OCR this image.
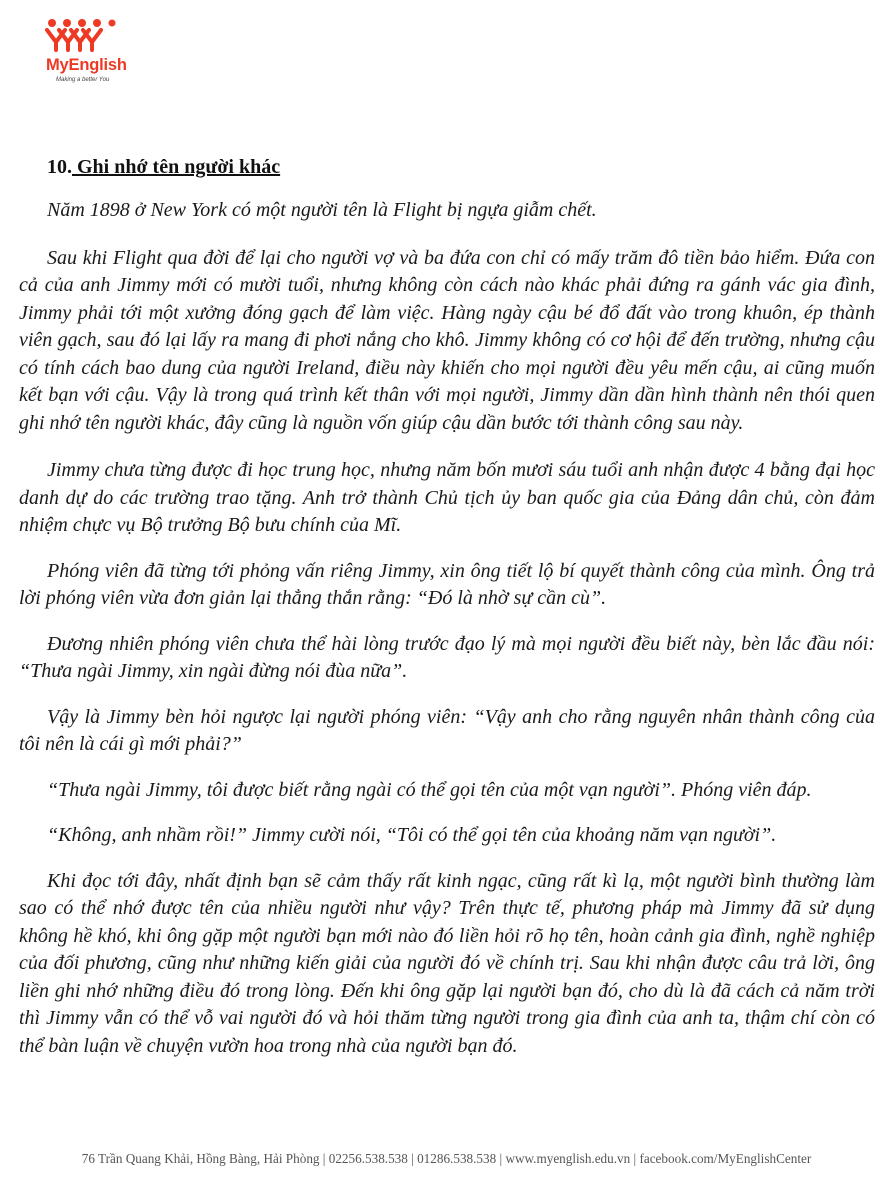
MyEnglish
Making a better You
10. Ghi nhớ tên người khác

Năm 1898 ở New York có một người tên là Flight bị ngựa giẫm chết.

Sau khi Flight qua đời để lại cho người vợ và ba đứa con chỉ có mấy trăm đô tiền bảo hiểm. Đứa con cả của anh Jimmy mới có mười tuổi, nhưng không còn cách nào khác phải đứng ra gánh vác gia đình, Jimmy phải tới một xưởng đóng gạch để làm việc. Hàng ngày cậu bé đổ đất vào trong khuôn, ép thành viên gạch, sau đó lại lấy ra mang đi phơi nắng cho khô. Jimmy không có cơ hội để đến trường, nhưng cậu có tính cách bao dung của người Ireland, điều này khiến cho mọi người đều yêu mến cậu, ai cũng muốn kết bạn với cậu. Vậy là trong quá trình kết thân với mọi người, Jimmy dần dần hình thành nên thói quen ghi nhớ tên người khác, đây cũng là nguồn vốn giúp cậu dần bước tới thành công sau này.

Jimmy chưa từng được đi học trung học, nhưng năm bốn mươi sáu tuổi anh nhận được 4 bằng đại học danh dự do các trường trao tặng. Anh trở thành Chủ tịch ủy ban quốc gia của Đảng dân chủ, còn đảm nhiệm chực vụ Bộ trưởng Bộ bưu chính của Mĩ.

Phóng viên đã từng tới phỏng vấn riêng Jimmy, xin ông tiết lộ bí quyết thành công của mình. Ông trả lời phóng viên vừa đơn giản lại thẳng thắn rằng: “Đó là nhờ sự cần cù”.

Đương nhiên phóng viên chưa thể hài lòng trước đạo lý mà mọi người đều biết này, bèn lắc đầu nói: “Thưa ngài Jimmy, xin ngài đừng nói đùa nữa”.

Vậy là Jimmy bèn hỏi ngược lại người phóng viên: “Vậy anh cho rằng nguyên nhân thành công của tôi nên là cái gì mới phải?”

“Thưa ngài Jimmy, tôi được biết rằng ngài có thể gọi tên của một vạn người”. Phóng viên đáp.

“Không, anh nhầm rồi!” Jimmy cười nói, “Tôi có thể gọi tên của khoảng năm vạn người”.

Khi đọc tới đây, nhất định bạn sẽ cảm thấy rất kinh ngạc, cũng rất kì lạ, một người bình thường làm sao có thể nhớ được tên của nhiều người như vậy? Trên thực tế, phương pháp mà Jimmy đã sử dụng không hề khó, khi ông gặp một người bạn mới nào đó liền hỏi rõ họ tên, hoàn cảnh gia đình, nghề nghiệp của đối phương, cũng như những kiến giải của người đó về chính trị. Sau khi nhận được câu trả lời, ông liền ghi nhớ những điều đó trong lòng. Đến khi ông gặp lại người bạn đó, cho dù là đã cách cả năm trời thì Jimmy vẫn có thể vỗ vai người đó và hỏi thăm từng người trong gia đình của anh ta, thậm chí còn có thể bàn luận về chuyện vườn hoa trong nhà của người bạn đó.

76 Trần Quang Khải, Hồng Bàng, Hải Phòng | 02256.538.538 | 01286.538.538 | www.myenglish.edu.vn | facebook.com/MyEnglishCenter
